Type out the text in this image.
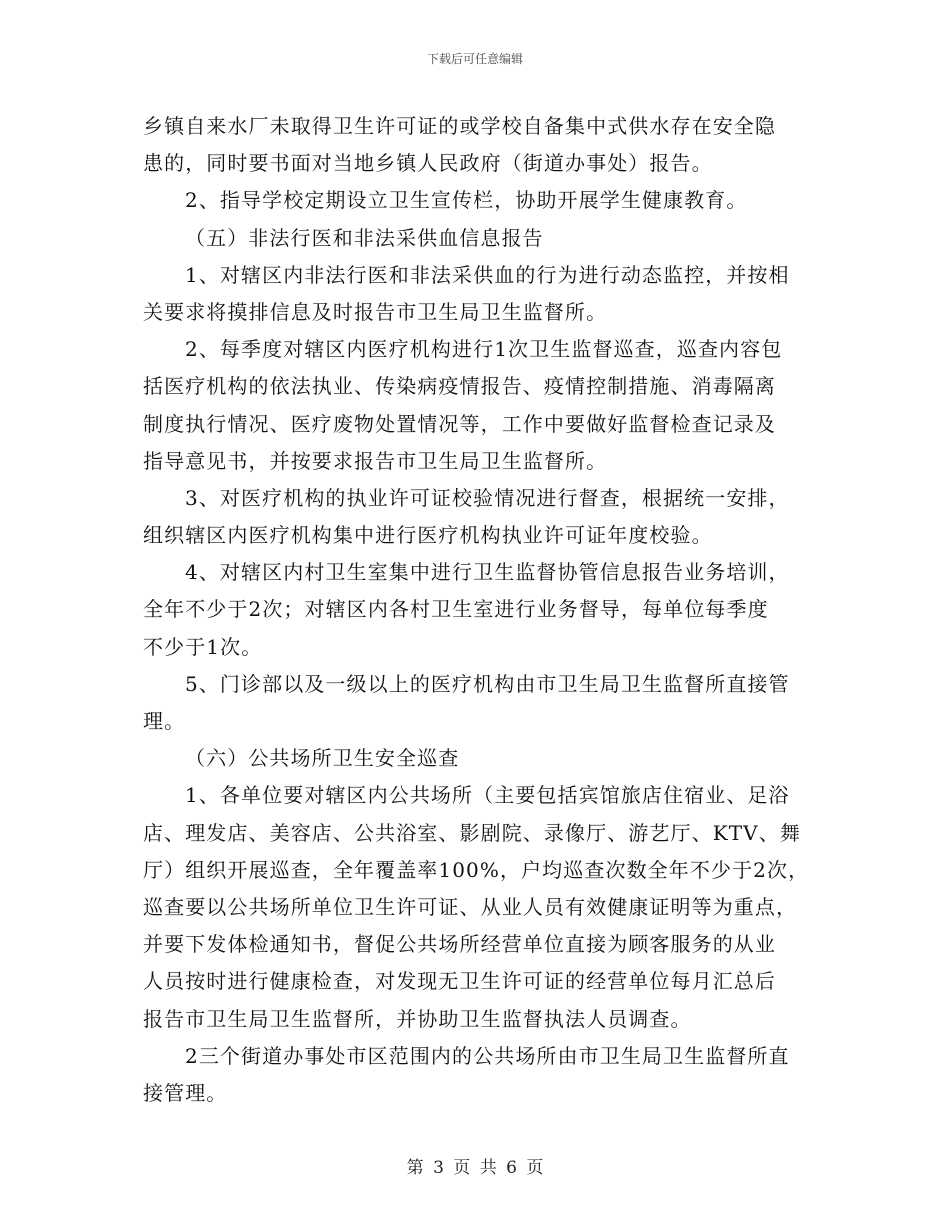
下载后可任意编辑
乡镇自来水厂未取得卫生许可证的或学校自备集中式供水存在安全隐
患的，同时要书面对当地乡镇人民政府（街道办事处）报告。
2、指导学校定期设立卫生宣传栏，协助开展学生健康教育。
（五）非法行医和非法采供血信息报告
1、对辖区内非法行医和非法采供血的行为进行动态监控，并按相
关要求将摸排信息及时报告市卫生局卫生监督所。
2、每季度对辖区内医疗机构进行1次卫生监督巡查，巡查内容包
括医疗机构的依法执业、传染病疫情报告、疫情控制措施、消毒隔离
制度执行情况、医疗废物处置情况等，工作中要做好监督检查记录及
指导意见书，并按要求报告市卫生局卫生监督所。
3、对医疗机构的执业许可证校验情况进行督查，根据统一安排，
组织辖区内医疗机构集中进行医疗机构执业许可证年度校验。
4、对辖区内村卫生室集中进行卫生监督协管信息报告业务培训，
全年不少于2次；对辖区内各村卫生室进行业务督导，每单位每季度
不少于1次。
5、门诊部以及一级以上的医疗机构由市卫生局卫生监督所直接管
理。
（六）公共场所卫生安全巡查
1、各单位要对辖区内公共场所（主要包括宾馆旅店住宿业、足浴
店、理发店、美容店、公共浴室、影剧院、录像厅、游艺厅、KTV、舞
厅）组织开展巡查，全年覆盖率100%，户均巡查次数全年不少于2次，
巡查要以公共场所单位卫生许可证、从业人员有效健康证明等为重点，
并要下发体检通知书，督促公共场所经营单位直接为顾客服务的从业
人员按时进行健康检查，对发现无卫生许可证的经营单位每月汇总后
报告市卫生局卫生监督所，并协助卫生监督执法人员调查。
2三个街道办事处市区范围内的公共场所由市卫生局卫生监督所直
接管理。
第 3 页 共 6 页
